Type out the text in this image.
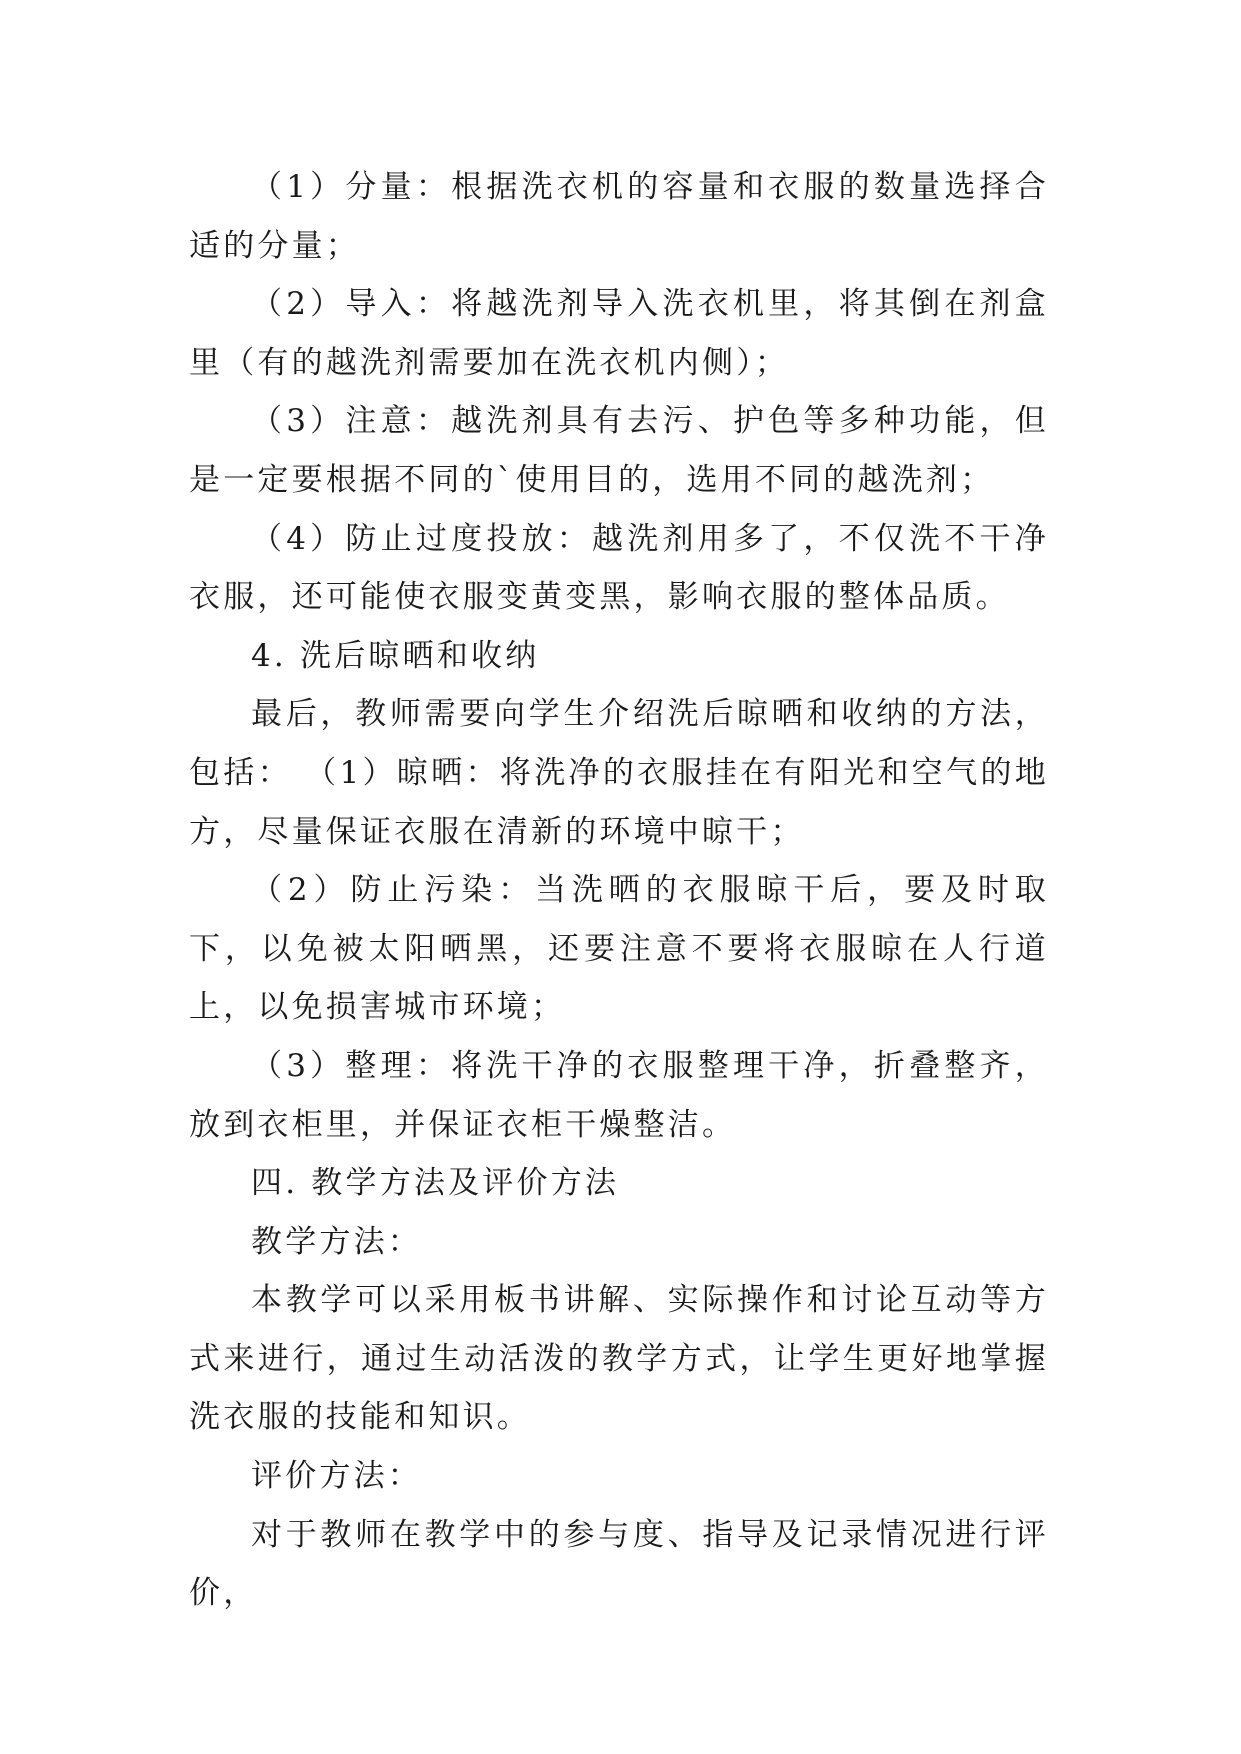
（1）分量：根据洗衣机的容量和衣服的数量选择合适的分量；

（2）导入：将越洗剂导入洗衣机里，将其倒在剂盒里（有的越洗剂需要加在洗衣机内侧）；

（3）注意：越洗剂具有去污、护色等多种功能，但是一定要根据不同的`使用目的，选用不同的越洗剂；

（4）防止过度投放：越洗剂用多了，不仅洗不干净衣服，还可能使衣服变黄变黑，影响衣服的整体品质。

4. 洗后晾晒和收纳

最后，教师需要向学生介绍洗后晾晒和收纳的方法，包括： （1）晾晒：将洗净的衣服挂在有阳光和空气的地方，尽量保证衣服在清新的环境中晾干；

（2）防止污染：当洗晒的衣服晾干后，要及时取下，以免被太阳晒黑，还要注意不要将衣服晾在人行道上，以免损害城市环境；

（3）整理：将洗干净的衣服整理干净，折叠整齐，放到衣柜里，并保证衣柜干燥整洁。

四. 教学方法及评价方法

教学方法：

本教学可以采用板书讲解、实际操作和讨论互动等方式来进行，通过生动活泼的教学方式，让学生更好地掌握洗衣服的技能和知识。

评价方法：

对于教师在教学中的参与度、指导及记录情况进行评价，
